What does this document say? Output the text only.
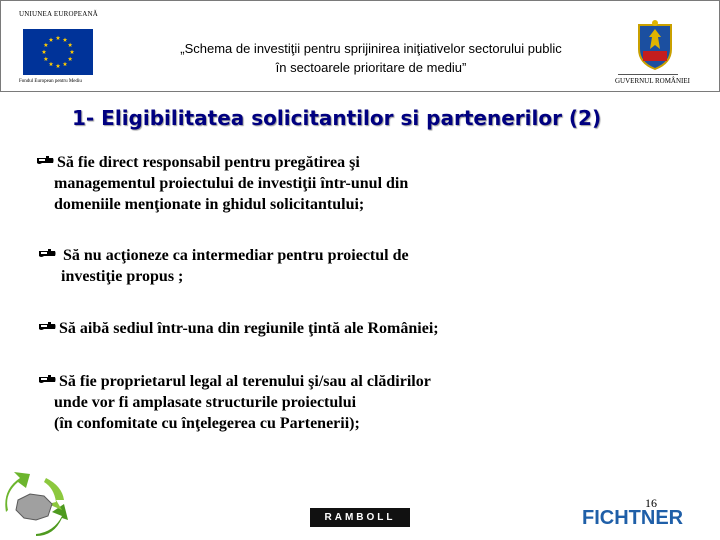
UNIUNEA EUROPEANĂ
Fondul European pentru Mediu
„Schema de investiţii pentru sprijinirea iniţiativelor sectorului public
în sectoarele prioritare de mediu”
GUVERNUL ROMÂNIEI
1- Eligibilitatea solicitantilor si partenerilor (2)
Să fie direct responsabil pentru pregătirea şi
managementul proiectului de investiţii într-unul din
domeniile menţionate in ghidul solicitantului;
Să nu acţioneze ca intermediar pentru proiectul de
investiţie propus ;
Să aibă sediul într-una din regiunile ţintă ale României;
Să fie proprietarul legal al terenului şi/sau al clădirilor
unde vor fi amplasate structurile proiectului
(în confomitate cu înţelegerea cu Partenerii);
16
RAMBOLL	FICHTNER
